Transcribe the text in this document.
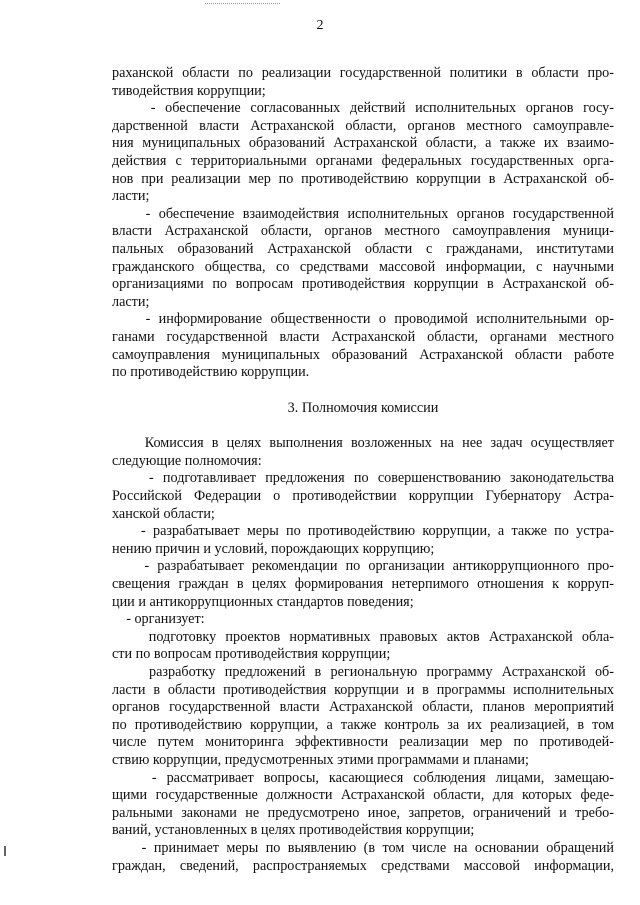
2
раханской области по реализации государственной политики в области про-
тиводействия коррупции;
- обеспечение согласованных действий исполнительных органов госу-
дарственной власти Астраханской области, органов местного самоуправле-
ния муниципальных образований Астраханской области, а также их взаимо-
действия с территориальными органами федеральных государственных орга-
нов при реализации мер по противодействию коррупции в Астраханской об-
ласти;
- обеспечение взаимодействия исполнительных органов государственной
власти Астраханской области, органов местного самоуправления муници-
пальных образований Астраханской области с гражданами, институтами
гражданского общества, со средствами массовой информации, с научными
организациями по вопросам противодействия коррупции в Астраханской об-
ласти;
- информирование общественности о проводимой исполнительными ор-
ганами государственной власти Астраханской области, органами местного
самоуправления муниципальных образований Астраханской области работе
по противодействию коррупции.
3. Полномочия комиссии
Комиссия в целях выполнения возложенных на нее задач осуществляет
следующие полномочия:
- подготавливает предложения по совершенствованию законодательства
Российской Федерации о противодействии коррупции Губернатору Астра-
ханской области;
- разрабатывает меры по противодействию коррупции, а также по устра-
нению причин и условий, порождающих коррупцию;
- разрабатывает рекомендации по организации антикоррупционного про-
свещения граждан в целях формирования нетерпимого отношения к корруп-
ции и антикоррупционных стандартов поведения;
- организует:
подготовку проектов нормативных правовых актов Астраханской обла-
сти по вопросам противодействия коррупции;
разработку предложений в региональную программу Астраханской об-
ласти в области противодействия коррупции и в программы исполнительных
органов государственной власти Астраханской области, планов мероприятий
по противодействию коррупции, а также контроль за их реализацией, в том
числе путем мониторинга эффективности реализации мер по противодей-
ствию коррупции, предусмотренных этими программами и планами;
- рассматривает вопросы, касающиеся соблюдения лицами, замещаю-
щими государственные должности Астраханской области, для которых феде-
ральными законами не предусмотрено иное, запретов, ограничений и требо-
ваний, установленных в целях противодействия коррупции;
- принимает меры по выявлению (в том числе на основании обращений
граждан, сведений, распространяемых средствами массовой информации,
